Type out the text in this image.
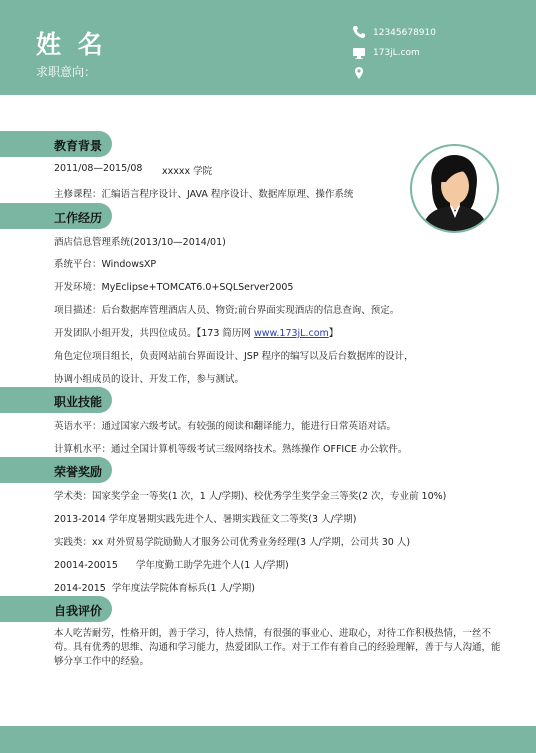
姓 名
求职意向：
12345678910
173jL.com
教育背景
2011/08—2015/08 xxxxx 学院
主修课程：汇编语言程序设计、JAVA 程序设计、数据库原理、操作系统
工作经历
酒店信息管理系统(2013/10—2014/01)
系统平台：WindowsXP
开发环境：MyEclipse+TOMCAT6.0+SQLServer2005
项目描述：后台数据库管理酒店人员、物资;前台界面实现酒店的信息查询、预定。
开发团队小组开发，共四位成员。【173 简历网 www.173jL.com】
角色定位项目组长，负责网站前台界面设计、JSP 程序的编写以及后台数据库的设计，
协调小组成员的设计、开发工作，参与测试。
职业技能
英语水平：通过国家六级考试。有较强的阅读和翻译能力，能进行日常英语对话。
计算机水平：通过全国计算机等级考试三级网络技术。熟练操作 OFFICE 办公软件。
荣誉奖励
学术类：国家奖学金一等奖(1 次，1 人/学期)、校优秀学生奖学金三等奖(2 次，专业前 10%)
2013-2014 学年度暑期实践先进个人、暑期实践征文二等奖(3 人/学期)
实践类：xx 对外贸易学院励勤人才服务公司优秀业务经理(3 人/学期，公司共 30 人)
20014-20015      学年度勤工助学先进个人(1 人/学期)
2014-2015  学年度法学院体育标兵(1 人/学期)
自我评价
本人吃苦耐劳，性格开朗，善于学习，待人热情，有很强的事业心、进取心，对待工作积极热情，一丝不苟。具有优秀的思维、沟通和学习能力，热爱团队工作。对于工作有着自己的经验理解，善于与人沟通，能够分享工作中的经验。
